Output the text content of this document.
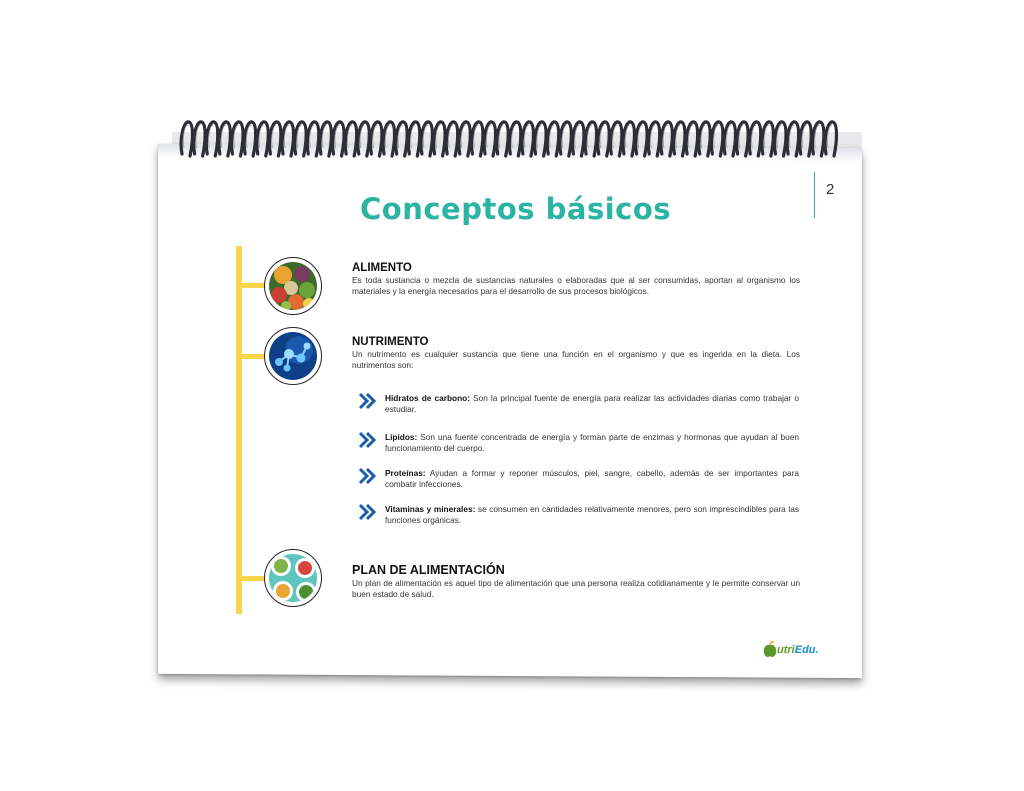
2
Conceptos básicos
ALIMENTO
Es toda sustancia o mezcla de sustancias naturales o elaboradas que al ser consumidas, aportan al organismo los materiales y la energía necesarios para el desarrollo de sus procesos biológicos.
NUTRIMENTO
Un nutrimento es cualquier sustancia que tiene una función en el organismo y que es ingerida en la dieta. Los nutrimentos son:
Hidratos de carbono: Son la principal fuente de energía para realizar las actividades diarias como trabajar o estudiar.
Lípidos: Son una fuente concentrada de energía y forman parte de enzimas y hormonas que ayudan al buen funcionamiento del cuerpo.
Proteínas: Ayudan a formar y reponer músculos, piel, sangre, cabello, además de ser importantes para combatir infecciones.
Vitaminas y minerales: se consumen en cantidades relativamente menores, pero son imprescindibles para las funciones orgánicas.
PLAN DE ALIMENTACIÓN
Un plan de alimentación es aquel tipo de alimentación que una persona realiza cotidianamente y le permite conservar un buen estado de salud.
utriEdu.
